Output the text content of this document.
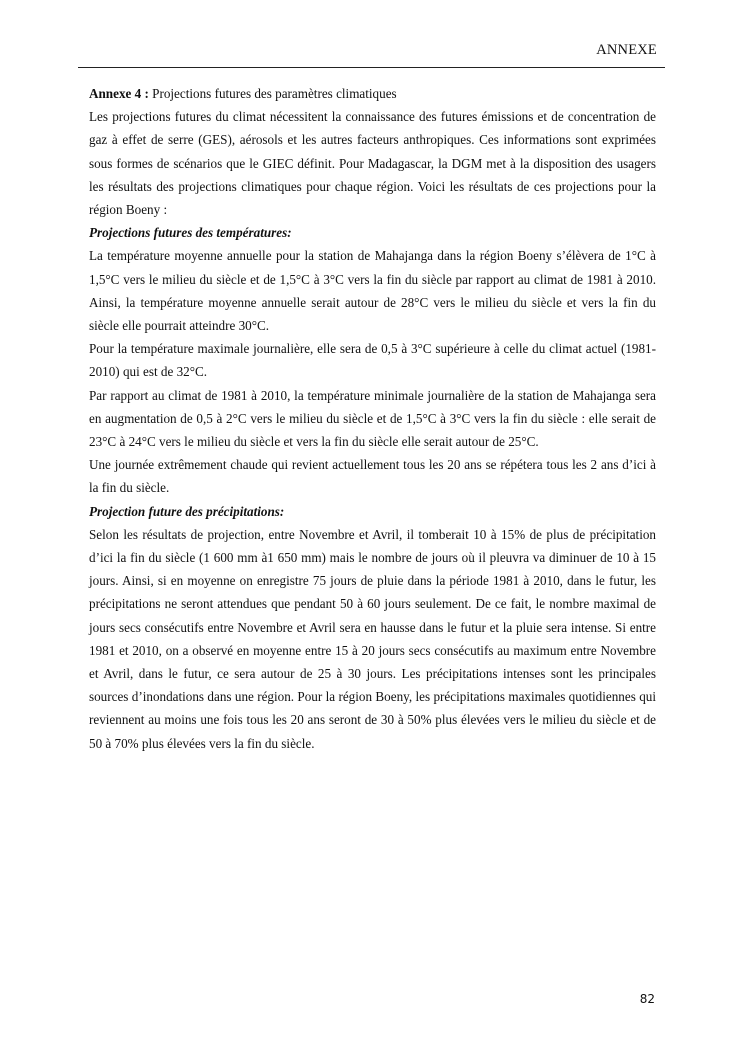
ANNEXE

Annexe 4 : Projections futures des paramètres climatiques

Les projections futures du climat nécessitent la connaissance des futures émissions et de concentration de gaz à effet de serre (GES), aérosols et les autres facteurs anthropiques. Ces informations sont exprimées sous formes de scénarios que le GIEC définit. Pour Madagascar, la DGM met à la disposition des usagers les résultats des projections climatiques pour chaque région. Voici les résultats de ces projections pour la région Boeny :

Projections futures des températures:

La température moyenne annuelle pour la station de Mahajanga dans la région Boeny s’élèvera de 1°C à 1,5°C vers le milieu du siècle et de 1,5°C à 3°C vers la fin du siècle par rapport au climat de 1981 à 2010. Ainsi, la température moyenne annuelle serait autour de 28°C vers le milieu du siècle et vers la fin du siècle elle pourrait atteindre 30°C.

Pour la température maximale journalière, elle sera de 0,5 à 3°C supérieure à celle du climat actuel (1981-2010) qui est de 32°C.

Par rapport au climat de 1981 à 2010, la température minimale journalière de la station de Mahajanga sera en augmentation de 0,5 à 2°C vers le milieu du siècle et de 1,5°C à 3°C vers la fin du siècle : elle serait de 23°C à 24°C vers le milieu du siècle et vers la fin du siècle elle serait autour de 25°C.

Une journée extrêmement chaude qui revient actuellement tous les 20 ans se répétera tous les 2 ans d’ici à la fin du siècle.

Projection future des précipitations:

Selon les résultats de projection, entre Novembre et Avril, il tomberait 10 à 15% de plus de précipitation d’ici la fin du siècle (1 600 mm à1 650 mm) mais le nombre de jours où il pleuvra va diminuer de 10 à 15 jours. Ainsi, si en moyenne on enregistre 75 jours de pluie dans la période 1981 à 2010, dans le futur, les précipitations ne seront attendues que pendant 50 à 60 jours seulement. De ce fait, le nombre maximal de jours secs consécutifs entre Novembre et Avril sera en hausse dans le futur et la pluie sera intense. Si entre 1981 et 2010, on a observé en moyenne entre 15 à 20 jours secs consécutifs au maximum entre Novembre et Avril, dans le futur, ce sera autour de 25 à 30 jours. Les précipitations intenses sont les principales sources d’inondations dans une région. Pour la région Boeny, les précipitations maximales quotidiennes qui reviennent au moins une fois tous les 20 ans seront de 30 à 50% plus élevées vers le milieu du siècle et de 50 à 70% plus élevées vers la fin du siècle.

82
